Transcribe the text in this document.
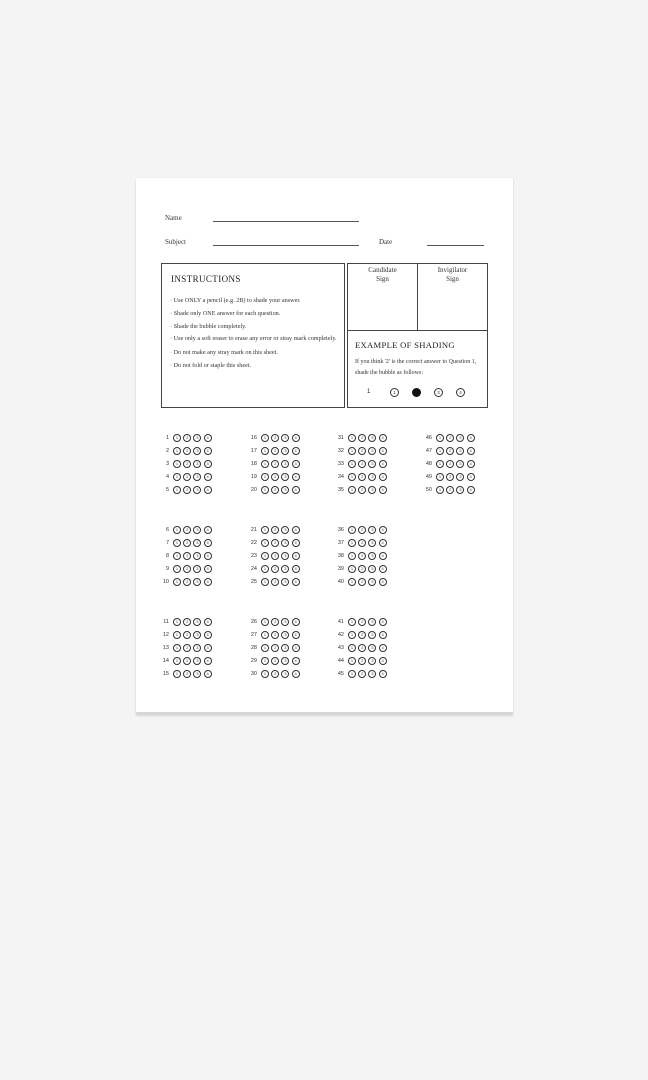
Name
Subject	Date
INSTRUCTIONS
· Use ONLY a pencil (e.g. 2B) to shade your answer.
· Shade only ONE answer for each question.
· Shade the bubble completely.
· Use only a soft eraser to erase any error or stray mark completely.
· Do not make any stray mark on this sheet.
· Do not fold or staple this sheet.
Candidate
Sign
Invigilator
Sign
EXAMPLE OF SHADING
If you think '2' is the correct answer to Question 1, shade the bubble as follows:
1	1	2	3	4
1	1	2	3	4
2	1	2	3	4
3	1	2	3	4
4	1	2	3	4
5	1	2	3	4
6	1	2	3	4
7	1	2	3	4
8	1	2	3	4
9	1	2	3	4
10	1	2	3	4
11	1	2	3	4
12	1	2	3	4
13	1	2	3	4
14	1	2	3	4
15	1	2	3	4
16	1	2	3	4
17	1	2	3	4
18	1	2	3	4
19	1	2	3	4
20	1	2	3	4
21	1	2	3	4
22	1	2	3	4
23	1	2	3	4
24	1	2	3	4
25	1	2	3	4
26	1	2	3	4
27	1	2	3	4
28	1	2	3	4
29	1	2	3	4
30	1	2	3	4
31	1	2	3	4
32	1	2	3	4
33	1	2	3	4
34	1	2	3	4
35	1	2	3	4
36	1	2	3	4
37	1	2	3	4
38	1	2	3	4
39	1	2	3	4
40	1	2	3	4
41	1	2	3	4
42	1	2	3	4
43	1	2	3	4
44	1	2	3	4
45	1	2	3	4
46	1	2	3	4
47	1	2	3	4
48	1	2	3	4
49	1	2	3	4
50	1	2	3	4
